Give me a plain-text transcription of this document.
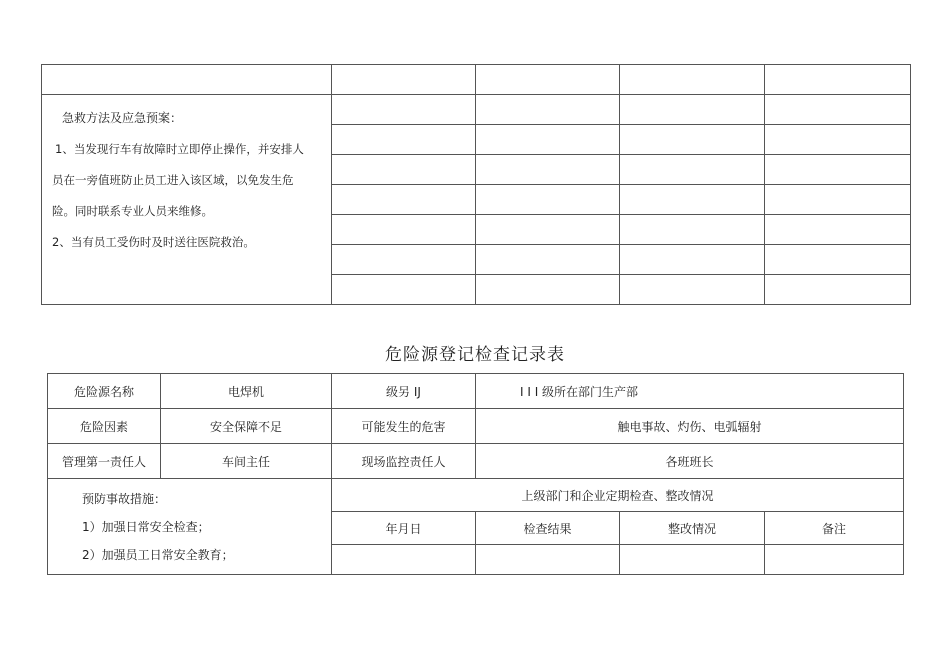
急救方法及应急预案：
1、当发现行车有故障时立即停止操作，并安排人
员在一旁值班防止员工进入该区域，以免发生危
险。同时联系专业人员来维修。
2、当有员工受伤时及时送往医院救治。				

危险源登记检查记录表
危险源名称	电焊机	级另 IJ	I I I 级所在部门生产部		
危险因素	安全保障不足	可能发生的危害	触电事故、灼伤、电弧辐射		
管理第一责任人	车间主任	现场监控责任人	各班班长		

预防事故措施：
1）加强日常安全检查；
2）加强员工日常安全教育；		上级部门和企业定期检查、整改情况			
		年月日	检查结果	整改情况	备注
